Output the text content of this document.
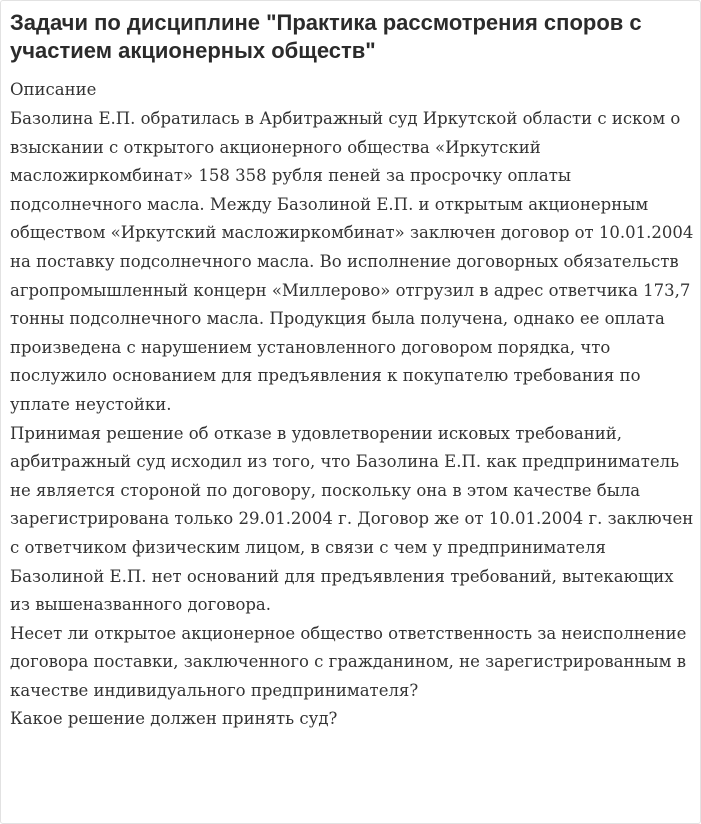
Задачи по дисциплине "Практика рассмотрения споров с участием акционерных обществ"
Описание

Базолина Е.П. обратилась в Арбитражный суд Иркутской области с иском о взыскании с открытого акционерного общества «Иркутский масложиркомбинат» 158 358 рубля пеней за просрочку оплаты подсолнечного масла. Между Базолиной Е.П. и открытым акционерным обществом «Иркутский масложиркомбинат» заключен договор от 10.01.2004 на поставку подсолнечного масла. Во исполнение договорных обязательств агропромышленный концерн «Миллерово» отгрузил в адрес ответчика 173,7 тонны подсолнечного масла. Продукция была получена, однако ее оплата произведена с нарушением установленного договором порядка, что послужило основанием для предъявления к покупателю требования по уплате неустойки.

Принимая решение об отказе в удовлетворении исковых требований, арбитражный суд исходил из того, что Базолина Е.П. как предприниматель не является стороной по договору, поскольку она в этом качестве была зарегистрирована только 29.01.2004 г. Договор же от 10.01.2004 г. заключен с ответчиком физическим лицом, в связи с чем у предпринимателя Базолиной Е.П. нет оснований для предъявления требований, вытекающих из вышеназванного договора.

Несет ли открытое акционерное общество ответственность за неисполнение договора поставки, заключенного с гражданином, не зарегистрированным в качестве индивидуального предпринимателя?

Какое решение должен принять суд?
